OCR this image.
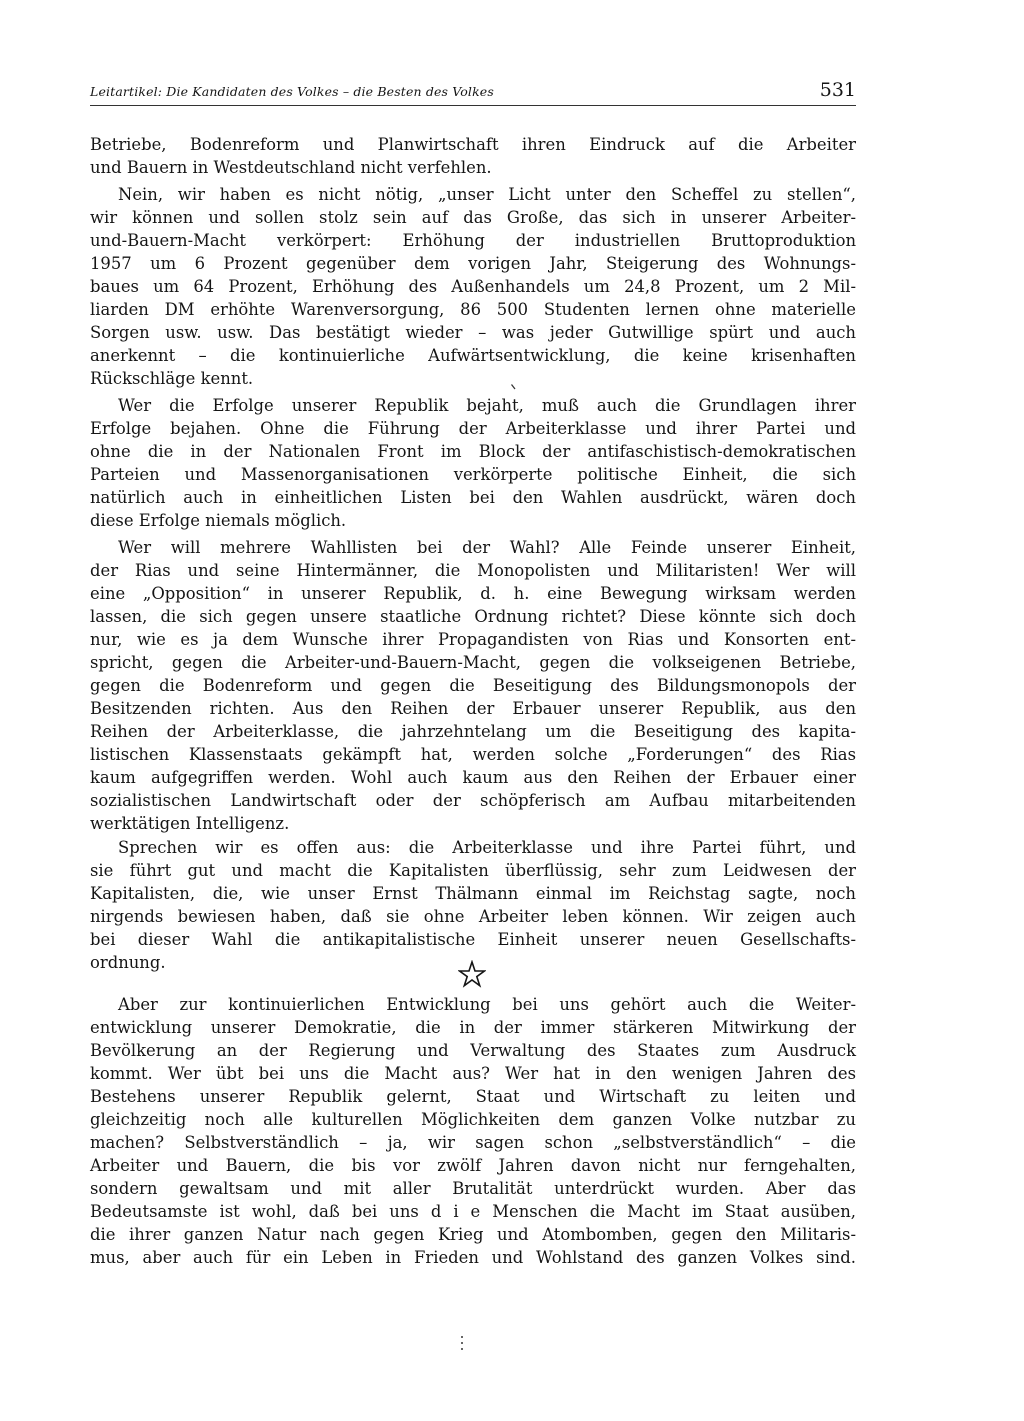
Leitartikel: Die Kandidaten des Volkes – die Besten des Volkes	531
Betriebe, Bodenreform und Planwirtschaft ihren Eindruck auf die Arbeiter
und Bauern in Westdeutschland nicht verfehlen.
Nein, wir haben es nicht nötig, „unser Licht unter den Scheffel zu stellen“,
wir können und sollen stolz sein auf das Große, das sich in unserer Arbeiter-
und-Bauern-Macht verkörpert: Erhöhung der industriellen Bruttoproduktion
1957 um 6 Prozent gegenüber dem vorigen Jahr, Steigerung des Wohnungs-
baues um 64 Prozent, Erhöhung des Außenhandels um 24,8 Prozent, um 2 Mil-
liarden DM erhöhte Warenversorgung, 86 500 Studenten lernen ohne materielle
Sorgen usw. usw. Das bestätigt wieder – was jeder Gutwillige spürt und auch
anerkennt – die kontinuierliche Aufwärtsentwicklung, die keine krisenhaften
Rückschläge kennt.
Wer die Erfolge unserer Republik bejaht, muß auch die Grundlagen ihrer
Erfolge bejahen. Ohne die Führung der Arbeiterklasse und ihrer Partei und
ohne die in der Nationalen Front im Block der antifaschistisch-demokratischen
Parteien und Massenorganisationen verkörperte politische Einheit, die sich
natürlich auch in einheitlichen Listen bei den Wahlen ausdrückt, wären doch
diese Erfolge niemals möglich.
Wer will mehrere Wahllisten bei der Wahl? Alle Feinde unserer Einheit,
der Rias und seine Hintermänner, die Monopolisten und Militaristen! Wer will
eine „Opposition“ in unserer Republik, d. h. eine Bewegung wirksam werden
lassen, die sich gegen unsere staatliche Ordnung richtet? Diese könnte sich doch
nur, wie es ja dem Wunsche ihrer Propagandisten von Rias und Konsorten ent-
spricht, gegen die Arbeiter-und-Bauern-Macht, gegen die volkseigenen Betriebe,
gegen die Bodenreform und gegen die Beseitigung des Bildungsmonopols der
Besitzenden richten. Aus den Reihen der Erbauer unserer Republik, aus den
Reihen der Arbeiterklasse, die jahrzehntelang um die Beseitigung des kapita-
listischen Klassenstaats gekämpft hat, werden solche „Forderungen“ des Rias
kaum aufgegriffen werden. Wohl auch kaum aus den Reihen der Erbauer einer
sozialistischen Landwirtschaft oder der schöpferisch am Aufbau mitarbeitenden
werktätigen Intelligenz.
Sprechen wir es offen aus: die Arbeiterklasse und ihre Partei führt, und
sie führt gut und macht die Kapitalisten überflüssig, sehr zum Leidwesen der
Kapitalisten, die, wie unser Ernst Thälmann einmal im Reichstag sagte, noch
nirgends bewiesen haben, daß sie ohne Arbeiter leben können. Wir zeigen auch
bei dieser Wahl die antikapitalistische Einheit unserer neuen Gesellschafts-
ordnung.
Aber zur kontinuierlichen Entwicklung bei uns gehört auch die Weiter-
entwicklung unserer Demokratie, die in der immer stärkeren Mitwirkung der
Bevölkerung an der Regierung und Verwaltung des Staates zum Ausdruck
kommt. Wer übt bei uns die Macht aus? Wer hat in den wenigen Jahren des
Bestehens unserer Republik gelernt, Staat und Wirtschaft zu leiten und
gleichzeitig noch alle kulturellen Möglichkeiten dem ganzen Volke nutzbar zu
machen? Selbstverständlich – ja, wir sagen schon „selbstverständlich“ – die
Arbeiter und Bauern, die bis vor zwölf Jahren davon nicht nur ferngehalten,
sondern gewaltsam und mit aller Brutalität unterdrückt wurden. Aber das
Bedeutsamste ist wohl, daß bei uns d i e Menschen die Macht im Staat ausüben,
die ihrer ganzen Natur nach gegen Krieg und Atombomben, gegen den Militaris-
mus, aber auch für ein Leben in Frieden und Wohlstand des ganzen Volkes sind.
